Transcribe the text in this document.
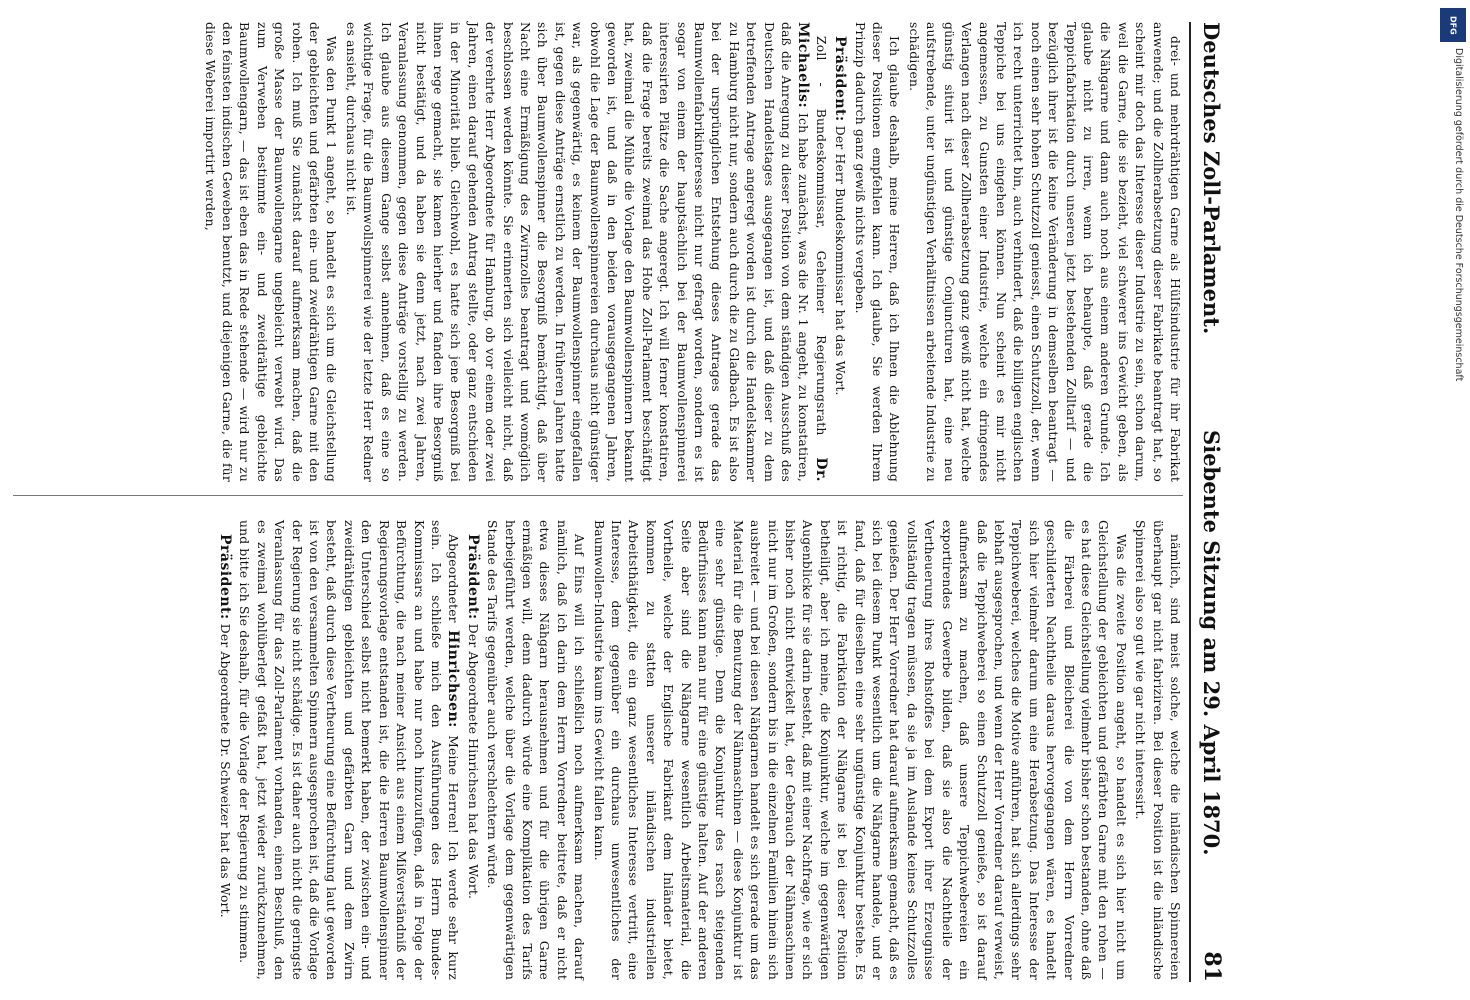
Deutsches Zoll-Parlament.
Siebente Sitzung am 29. April 1870.
81

drei- und mehrdrähtigen Garne als Hülfsindustrie für ihr Fabrikat anwende; und die Zollherabsetzung dieser Fabrikate beantragt hat, so scheint mir doch das Interesse dieser Industrie zu sein, schon darum, weil die Garne, die sie bezieht, viel schwerer ins Gewicht geben, als die Nähgarne und dann auch noch aus einem anderen Grunde. Ich glaube nicht zu irren, wenn ich behaupte, daß gerade die Teppichfabrikation durch unseren jetzt bestehenden Zolltarif — und bezüglich ihrer ist die keine Veränderung in demselben beantragt — noch einen sehr hohen Schutzzoll geniesst, einen Schutzzoll, der, wenn ich recht unterrichtet bin, auch verhindert, daß die billigen englischen Teppiche bei uns eingehen können. Nun scheint es mir nicht angemessen, zu Gunsten einer Industrie, welche ein dringendes Verlangen nach dieser Zollherabsetzung ganz gewiß nicht hat, welche günstig situirt ist und günstige Conjuncturen hat, eine neu aufstrebende, unter ungünstigen Verhältnissen arbeitende Industrie zu schädigen.

Ich glaube deshalb, meine Herren, daß ich Ihnen die Ablehnung dieser Positionen empfehlen kann. Ich glaube, Sie werden Ihrem Prinzip dadurch ganz gewiß nichts vergeben.

Präsident: Der Herr Bundeskommissar hat das Wort.

Zoll - Bundeskommissar, Geheimer Regierungsrath Dr. Michaelis: Ich habe zunächst, was die Nr. 1 angeht, zu konstatiren, daß die Anregung zu dieser Position von dem ständigen Ausschuß des Deutschen Handelstages ausgegangen ist, und daß dieser zu dem betreffenden Antrage angeregt worden ist durch die Handelskammer zu Hamburg nicht nur, sondern auch durch die zu Gladbach. Es ist also bei der ursprünglichen Entstehung dieses Antrages gerade das Baumwollenfabrikinteresse nicht nur gefragt worden, sondern es ist sogar von einem der hauptsächlich bei der Baumwollenspinnerei interessirten Plätze die Sache angeregt. Ich will ferner konstatiren, daß die Frage bereits zweimal das Hohe Zoll-Parlament beschäftigt hat, zweimal die Mühle die Vorlage den Baumwollenspinnern bekannt geworden ist, und daß in den beiden vorausgegangenen Jahren, obwohl die Lage der Baumwollenspinnereien durchaus nicht günstiger war, als gegenwärtig, es keinem der Baumwollenspinner eingefallen ist, gegen diese Anträge ernstlich zu werden. In früheren Jahren hatte sich über Baumwollenspinner die Besorgniß bemächtigt, daß über Nacht eine Ermäßigung des Zwirnzolles beantragt und womöglich beschlossen werden könnte. Sie erinnerten sich vielleicht nicht, daß der verehrte Herr Abgeordnete für Hamburg, ob vor einem oder zwei Jahren, einen darauf gehenden Antrag stellte, oder ganz entschieden in der Minorität blieb. Gleichwohl, es hatte sich jene Besorgniß bei ihnen rege gemacht, sie kamen hierher und fanden ihre Besorgniß nicht bestätigt, und da haben sie denn jetzt, nach zwei Jahren, Veranlassung genommen, gegen diese Anträge vorstellig zu werden. Ich glaube aus diesem Gange selbst annehmen, daß es eine so wichtige Frage, für die Baumwollspinnerei wie der letzte Herr Redner es ansieht, durchaus nicht ist.

Was den Punkt 1 angeht, so handelt es sich um die Gleichstellung der gebleichten und gefärbten ein- und zweidrähtigen Garne mit den rohen. Ich muß Sie zunächst darauf aufmerksam machen, daß die große Masse der Baumwollengarne ungebleicht verwebt wird. Das zum Verweben bestimmte ein- und zweidrähtige gebleichte Baumwollengarn, — das ist eben das in Rede stehende — wird nur zu den feinsten indischen Geweben benutzt, und diejenigen Garne, die für diese Weberei importirt werden,

nämlich, sind meist solche, welche die inländischen Spinnereien überhaupt gar nicht fabriziren. Bei dieser Position ist die inländische Spinnerei also so gut wie gar nicht interessirt.

Was die zweite Position angeht, so handelt es sich hier nicht um Gleichstellung der gebleichten und gefärbten Garne mit den rohen — es hat diese Gleichstellung vielmehr bisher schon bestanden, ohne daß die Färberei und Bleicherei die von dem Herrn Vorredner geschilderten Nachtheile daraus hervorgegangen wären, es handelt sich hier vielmehr darum um eine Herabsetzung. Das Interesse der Teppichweberei, welches die Motive anführen, hat sich allerdings sehr lebhaft ausgesprochen, und wenn der Herr Vorredner darauf verweist, daß die Teppichweberei so einen Schutzzoll genieße, so ist darauf aufmerksam zu machen, daß unsere Teppichwebereien ein exportirendes Gewerbe bilden, daß sie also die Nachtheile der Vertheuerung ihres Rohstoffes bei dem Export ihrer Erzeugnisse vollständig tragen müssen, da sie ja im Auslande keines Schutzzolles genießen. Der Herr Vorredner hat darauf aufmerksam gemacht, daß es sich bei diesem Punkt wesentlich um die Nähgarne handele, und er fand, daß für dieselben eine sehr ungünstige Konjunktur bestehe. Es ist richtig, die Fabrikation der Nähgarne ist bei dieser Position betheiligt, aber ich meine, die Konjunktur, welche im gegenwärtigen Augenblicke für sie darin besteht, daß mit einer Nachfrage, wie er sich bisher noch nicht entwickelt hat, der Gebrauch der Nähmaschinen nicht nur im Großen, sondern bis in die einzelnen Familien hinein sich ausbreitet — und bei diesen Nähgarnen handelt es sich gerade um das Material für die Benutzung der Nähmaschinen — diese Konjunktur ist eine sehr günstige. Denn die Konjunktur des rasch steigenden Bedürfnisses kann man nur für eine günstige halten. Auf der anderen Seite aber sind die Nähgarne wesentlich Arbeitsmaterial, die Vortheile, welche der Englische Fabrikant dem Inländer bietet, kommen zu statten unserer inländischen industriellen Arbeitsthätigkeit, die ein ganz wesentliches Interesse vertritt, eine Interesse, dem gegenüber ein durchaus unwesentliches der Baumwollen-Industrie kaum ins Gewicht fallen kann.

Auf Eins will ich schließlich noch aufmerksam machen, darauf nämlich, daß ich darin dem Herrn Vorredner beitrete, daß er nicht etwa dieses Nähgarn herausnehmen und für die übrigen Garne ermäßigen will, denn dadurch würde eine Komplikation des Tarifs herbeigeführt werden, welche über die Vorlage dem gegenwärtigen Stande des Tarifs gegenüber auch verschlechtern würde.

Präsident: Der Abgeordnete Hinrichsen hat das Wort.

Abgeordneter Hinrichsen: Meine Herren! Ich werde sehr kurz sein. Ich schließe mich den Ausführungen des Herrn Bundes-Kommissars an und habe nur noch hinzuzufügen, daß in Folge der Befürchtung, die nach meiner Ansicht aus einem Mißverständniß der Regierungsvorlage entstanden ist, die die Herren Baumwollenspinner den Unterschied selbst nicht bemerkt haben, der zwischen ein- und zweidrähtigen gebleichten und gefärbten Garn und dem Zwirn besteht, daß durch diese Vertheurung eine Befürchtung laut geworden ist von den versammelten Spinnern ausgesprochen ist, daß die Vorlage der Regierung sie nicht schädige. Es ist daher auch nicht die geringste Veranlassung für das Zoll-Parlament vorhanden, einen Beschluß, den es zweimal wohlüberlegt gefaßt hat, jetzt wieder zurückzunehmen, und bitte ich Sie deshalb, für die Vorlage der Regierung zu stimmen.

Präsident: Der Abgeordnete Dr. Schweizer hat das Wort.

DFG
Digitalisierung gefördert durch die Deutsche Forschungsgemeinschaft
